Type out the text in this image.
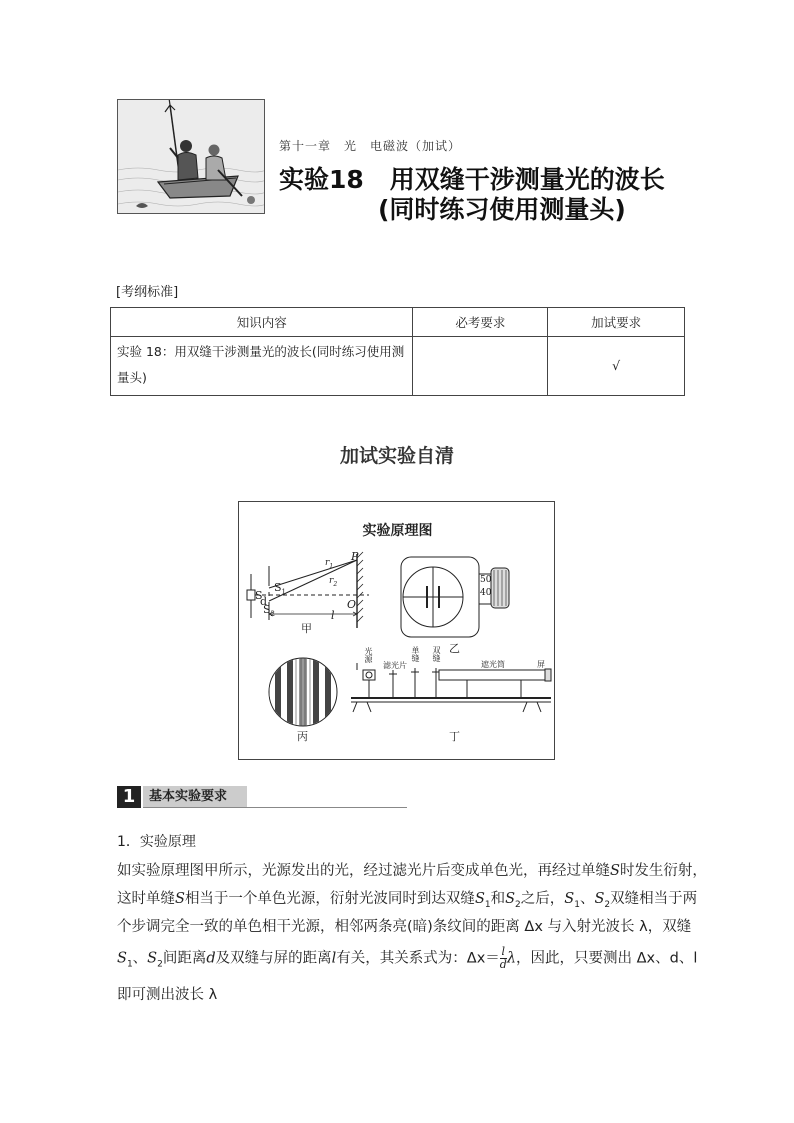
第十一章　光　电磁波（加试）
实验18 用双缝干涉测量光的波长
(同时练习使用测量头)
[考纲标准]
知识内容	必考要求	加试要求
实验 18：用双缝干涉测量光的波长(同时练习使用测量头)		√
加试实验自清
实验原理图
S
$S_1$
d
$S_2$
P
$r_1$
$r_2$
O
l
甲
50
40
乙
丙	丁
光源
滤光片
单缝 双缝
遮光筒	屏
1	基本实验要求
1．实验原理
如实验原理图甲所示，光源发出的光，经过滤光片后变成单色光，再经过单缝S时发生衍射，
这时单缝S相当于一个单色光源，衍射光波同时到达双缝$S_1$和$S_2$之后，$S_1$、$S_2$双缝相当于两
个步调完全一致的单色相干光源，相邻两条亮(暗)条纹间的距离 Δx 与入射光波长 λ，双缝
$S_1$、$S_2$间距离d及双缝与屏的距离l有关，其关系式为：$\Delta x= \frac{l}{d}$ λ，因此，只要测出 Δx、d、l
即可测出波长 λ
